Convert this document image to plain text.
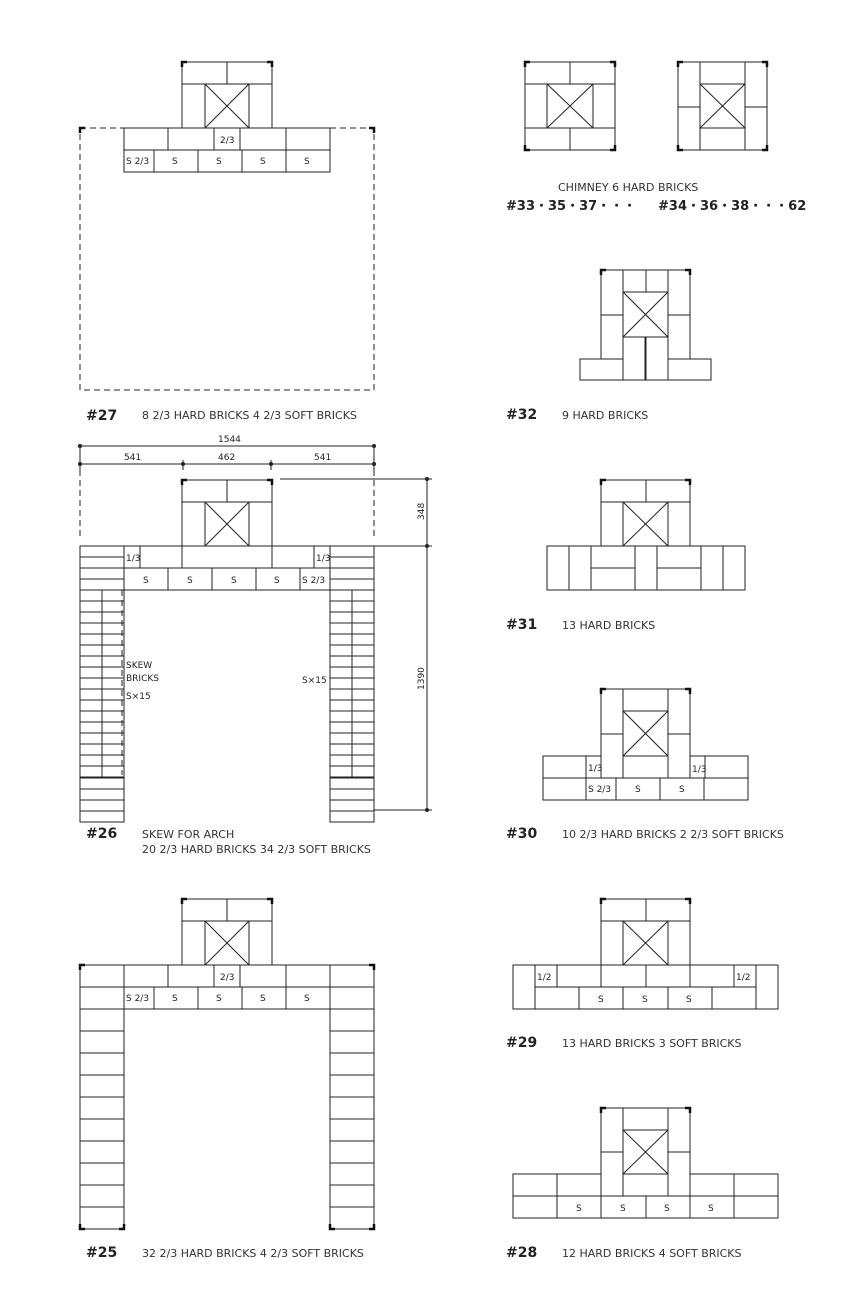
2/3
S 2/3	S	S	S	S
#27 8 2/3 HARD BRICKS 4 2/3 SOFT BRICKS
1544
541	462	541
348
1390
1/3	1/3
S	S	S	S S 2/3
SKEW
BRICKS
S×15
S×15
#26 SKEW FOR ARCH
20 2/3 HARD BRICKS 34 2/3 SOFT BRICKS
2/3
S 2/3	S	S	S	S
#25 32 2/3 HARD BRICKS 4 2/3 SOFT BRICKS
CHIMNEY 6 HARD BRICKS
#33・35・37・・・ #34・36・38・・・62
#32 9 HARD BRICKS
#31 13 HARD BRICKS
1/3	1/3
S 2/3	S	S
#30 10 2/3 HARD BRICKS 2 2/3 SOFT BRICKS
1/2	1/2
S	S	S
#29 13 HARD BRICKS 3 SOFT BRICKS
S	S	S	S
#28 12 HARD BRICKS 4 SOFT BRICKS
